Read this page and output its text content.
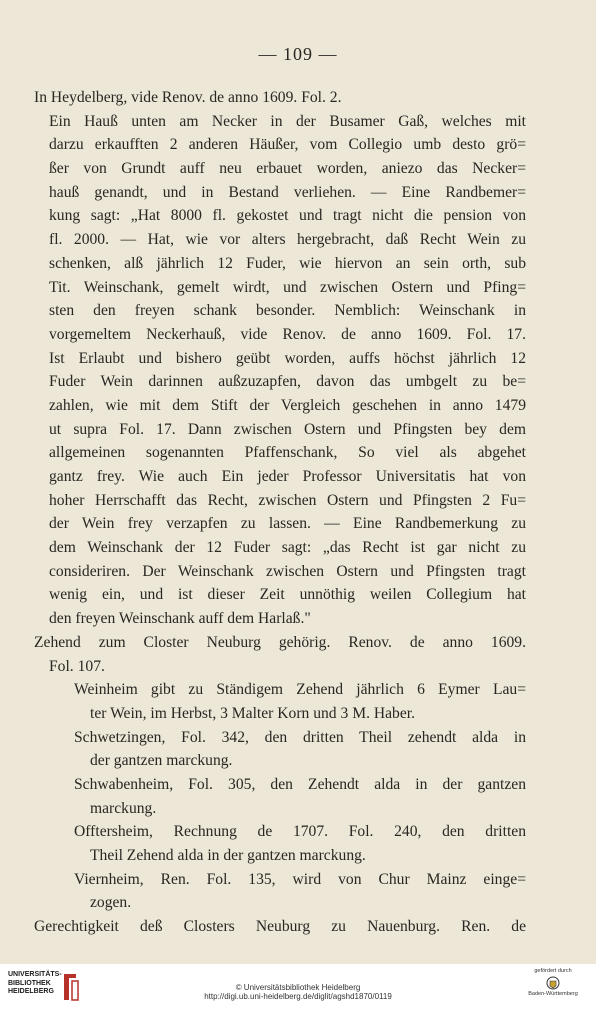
— 109 —
In Heydelberg, vide Renov. de anno 1609. Fol. 2.
Ein Hauß unten am Necker in der Busamer Gaß, welches mit
darzu erkaufften 2 anderen Häußer, vom Collegio umb desto grö=
ßer von Grundt auff neu erbauet worden, aniezo das Necker=
hauß genandt, und in Bestand verliehen. — Eine Randbemer=
kung sagt: „Hat 8000 fl. gekostet und tragt nicht die pension von
fl. 2000. — Hat, wie vor alters hergebracht, daß Recht Wein zu
schenken, alß jährlich 12 Fuder, wie hiervon an sein orth, sub
Tit. Weinschank, gemelt wirdt, und zwischen Ostern und Pfing=
sten den freyen schank besonder. Nemblich: Weinschank in
vorgemeltem Neckerhauß, vide Renov. de anno 1609. Fol. 17.
Ist Erlaubt und bishero geübt worden, auffs höchst jährlich 12
Fuder Wein darinnen außzuzapfen, davon das umbgelt zu be=
zahlen, wie mit dem Stift der Vergleich geschehen in anno 1479
ut supra Fol. 17. Dann zwischen Ostern und Pfingsten bey dem
allgemeinen sogenannten Pfaffenschank, So viel als abgehet
gantz frey. Wie auch Ein jeder Professor Universitatis hat von
hoher Herrschafft das Recht, zwischen Ostern und Pfingsten 2 Fu=
der Wein frey verzapfen zu lassen. — Eine Randbemerkung zu
dem Weinschank der 12 Fuder sagt: „das Recht ist gar nicht zu
consideriren. Der Weinschank zwischen Ostern und Pfingsten tragt
wenig ein, und ist dieser Zeit unnöthig weilen Collegium hat
den freyen Weinschank auff dem Harlaß."
Zehend zum Closter Neuburg gehörig. Renov. de anno 1609.
Fol. 107.
Weinheim gibt zu Ständigem Zehend jährlich 6 Eymer Lau=
ter Wein, im Herbst, 3 Malter Korn und 3 M. Haber.
Schwetzingen, Fol. 342, den dritten Theil zehendt alda in
der gantzen marckung.
Schwabenheim, Fol. 305, den Zehendt alda in der gantzen
marckung.
Offtersheim, Rechnung de 1707. Fol. 240, den dritten
Theil Zehend alda in der gantzen marckung.
Viernheim, Ren. Fol. 135, wird von Chur Mainz einge=
zogen.
Gerechtigkeit deß Closters Neuburg zu Nauenburg. Ren. de
UNIVERSITÄTS-
BIBLIOTHEK
HEIDELBERG	© Universitätsbibliothek Heidelberg
http://digi.ub.uni-heidelberg.de/diglit/agshd1870/0119
gefördert durch
Baden-Württemberg
